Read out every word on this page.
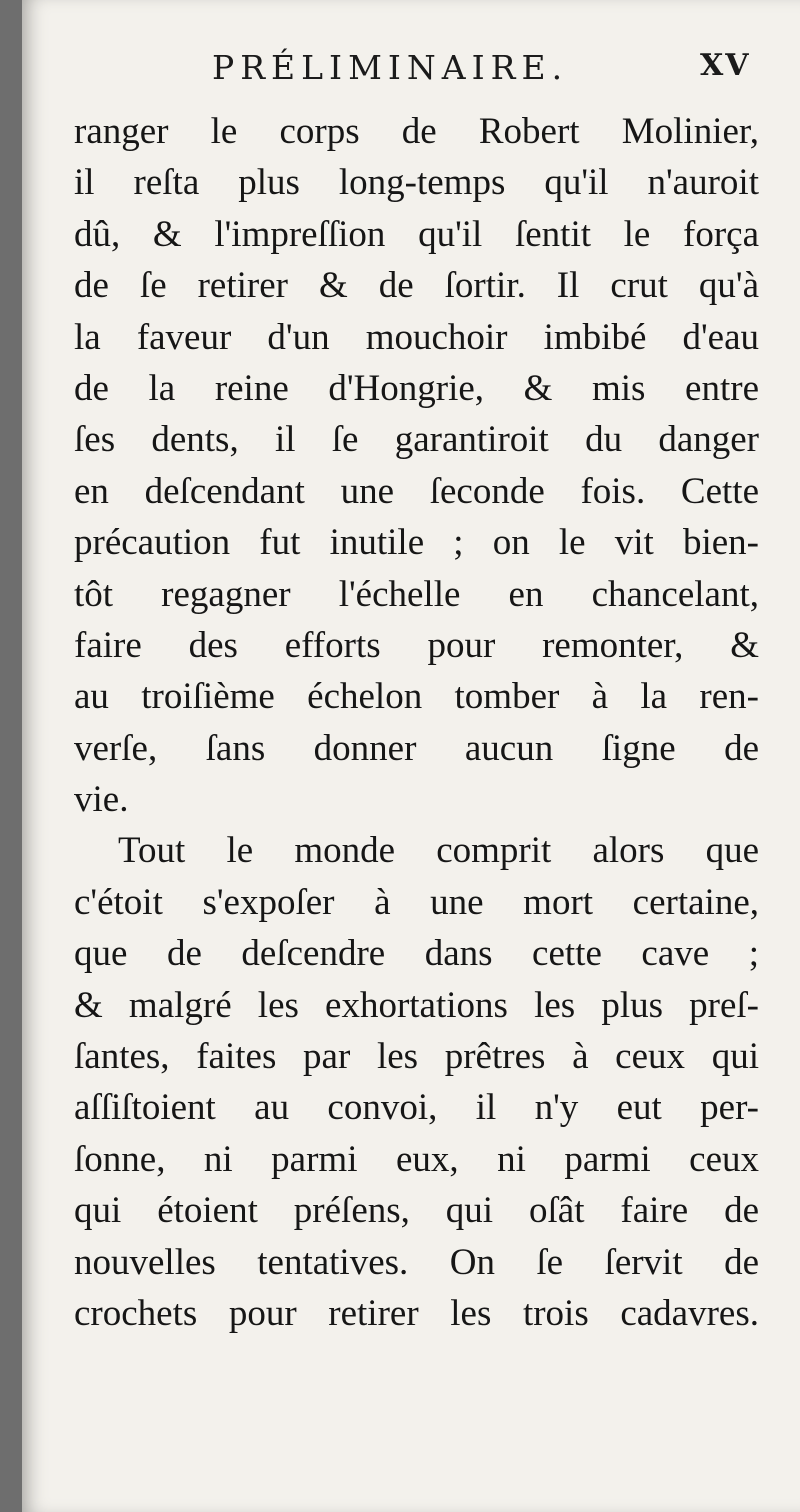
PRÉLIMINAIRE.	XV
ranger le corps de Robert Molinier,
il reſta plus long-temps qu'il n'auroit
dû, & l'impreſſion qu'il ſentit le força
de ſe retirer & de ſortir. Il crut qu'à
la faveur d'un mouchoir imbibé d'eau
de la reine d'Hongrie, & mis entre
ſes dents, il ſe garantiroit du danger
en deſcendant une ſeconde fois. Cette
précaution fut inutile ; on le vit bien-
tôt regagner l'échelle en chancelant,
faire des efforts pour remonter, &
au troiſième échelon tomber à la ren-
verſe, ſans donner aucun ſigne de
vie.
Tout le monde comprit alors que
c'étoit s'expoſer à une mort certaine,
que de deſcendre dans cette cave ;
& malgré les exhortations les plus preſ-
ſantes, faites par les prêtres à ceux qui
aſſiſtoient au convoi, il n'y eut per-
ſonne, ni parmi eux, ni parmi ceux
qui étoient préſens, qui oſât faire de
nouvelles tentatives. On ſe ſervit de
crochets pour retirer les trois cadavres.
